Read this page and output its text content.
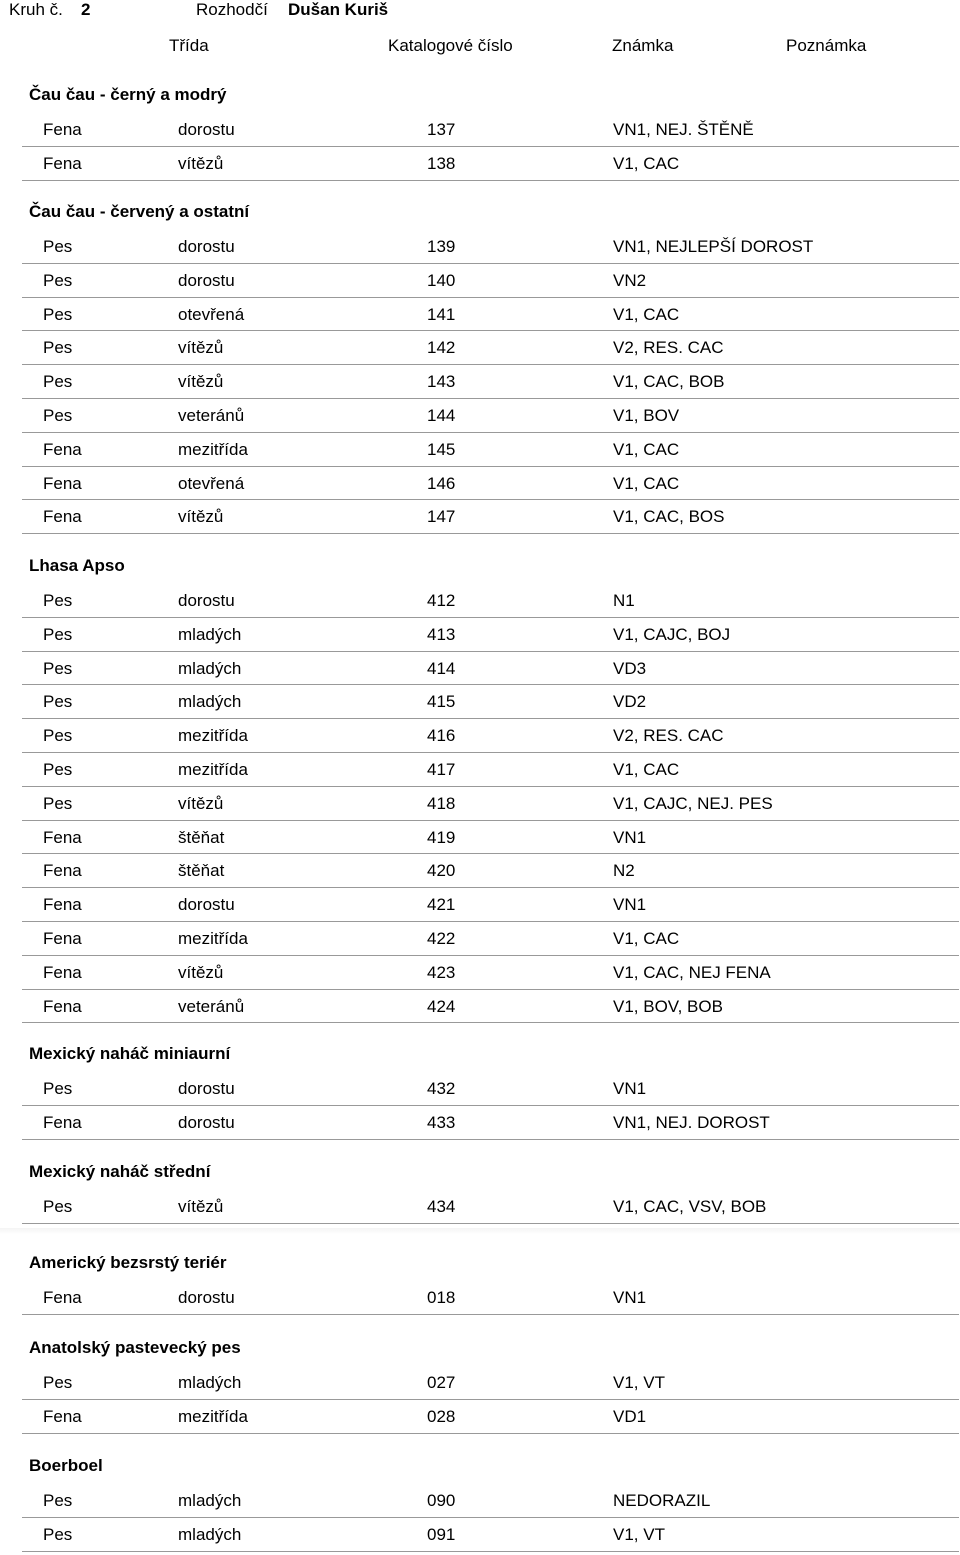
Kruh č. 2	Rozhodčí Dušan Kuriš
Třída	Katalogové číslo	Známka	Poznámka
Čau čau - černý a modrý
Fena	dorostu	137	VN1, NEJ. ŠTĚNĚ
Fena	vítězů	138	V1, CAC
Čau čau - červený a ostatní
Pes	dorostu	139	VN1, NEJLEPŠÍ DOROST
Pes	dorostu	140	VN2
Pes	otevřená	141	V1, CAC
Pes	vítězů	142	V2, RES. CAC
Pes	vítězů	143	V1, CAC, BOB
Pes	veteránů	144	V1, BOV
Fena	mezitřída	145	V1, CAC
Fena	otevřená	146	V1, CAC
Fena	vítězů	147	V1, CAC, BOS
Lhasa Apso
Pes	dorostu	412	N1
Pes	mladých	413	V1, CAJC, BOJ
Pes	mladých	414	VD3
Pes	mladých	415	VD2
Pes	mezitřída	416	V2, RES. CAC
Pes	mezitřída	417	V1, CAC
Pes	vítězů	418	V1, CAJC, NEJ. PES
Fena	štěňat	419	VN1
Fena	štěňat	420	N2
Fena	dorostu	421	VN1
Fena	mezitřída	422	V1, CAC
Fena	vítězů	423	V1, CAC, NEJ FENA
Fena	veteránů	424	V1, BOV, BOB
Mexický naháč miniaurní
Pes	dorostu	432	VN1
Fena	dorostu	433	VN1, NEJ. DOROST
Mexický naháč střední
Pes	vítězů	434	V1, CAC, VSV, BOB
Americký bezsrstý teriér
Fena	dorostu	018	VN1
Anatolský pastevecký pes
Pes	mladých	027	V1, VT
Fena	mezitřída	028	VD1
Boerboel
Pes	mladých	090	NEDORAZIL
Pes	mladých	091	V1, VT
